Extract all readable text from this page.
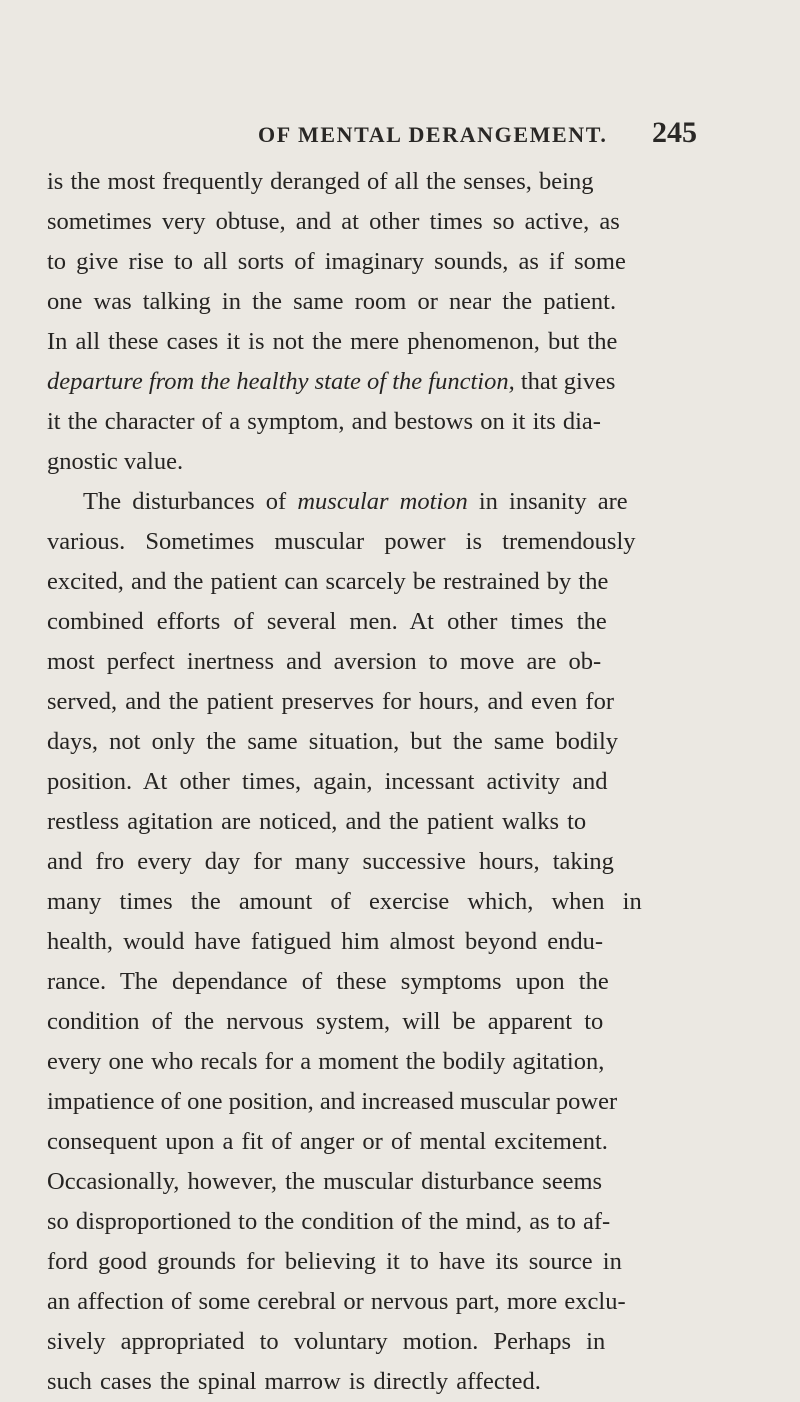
OF MENTAL DERANGEMENT. 245
is the most frequently deranged of all the senses, being
sometimes very obtuse, and at other times so active, as
to give rise to all sorts of imaginary sounds, as if some
one was talking in the same room or near the patient.
In all these cases it is not the mere phenomenon, but the
departure from the healthy state of the function, that gives
it the character of a symptom, and bestows on it its dia-
gnostic value.
The disturbances of muscular motion in insanity are
various. Sometimes muscular power is tremendously
excited, and the patient can scarcely be restrained by the
combined efforts of several men. At other times the
most perfect inertness and aversion to move are ob-
served, and the patient preserves for hours, and even for
days, not only the same situation, but the same bodily
position. At other times, again, incessant activity and
restless agitation are noticed, and the patient walks to
and fro every day for many successive hours, taking
many times the amount of exercise which, when in
health, would have fatigued him almost beyond endu-
rance. The dependance of these symptoms upon the
condition of the nervous system, will be apparent to
every one who recals for a moment the bodily agitation,
impatience of one position, and increased muscular power
consequent upon a fit of anger or of mental excitement.
Occasionally, however, the muscular disturbance seems
so disproportioned to the condition of the mind, as to af-
ford good grounds for believing it to have its source in
an affection of some cerebral or nervous part, more exclu-
sively appropriated to voluntary motion. Perhaps in
such cases the spinal marrow is directly affected.
